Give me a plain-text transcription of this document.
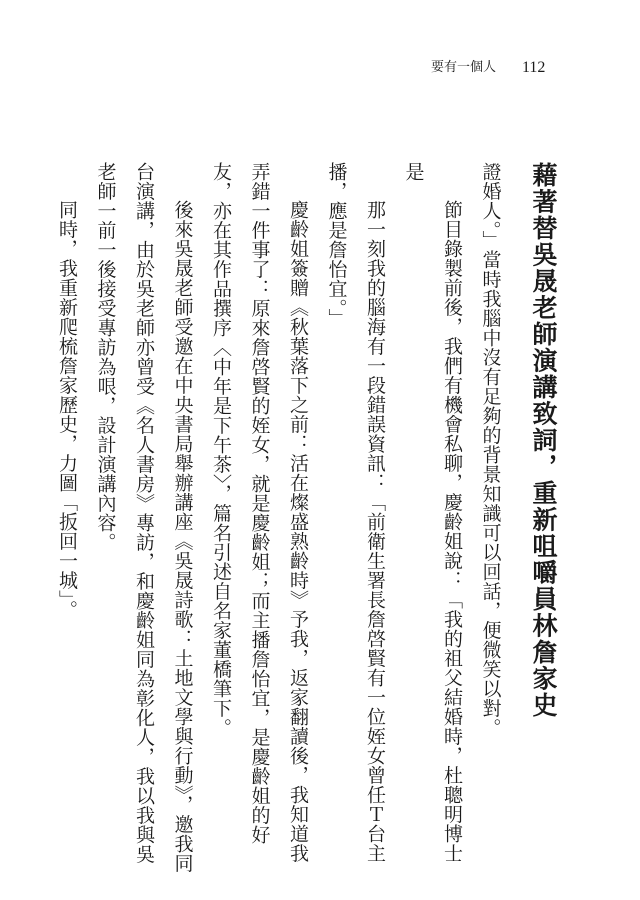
要有一個人 112
藉著替吳晟老師演講致詞，重新咀嚼員林詹家史

證婚人。」當時我腦中沒有足夠的背景知識可以回話，便微笑以對。

節目錄製前後，我們有機會私聊，慶齡姐說：「我的祖父結婚時，杜聰明博士是

那一刻我的腦海有一段錯誤資訊：「前衛生署長詹啓賢有一位姪女曾任Ｔ台主播，應是詹怡宜。」

慶齡姐簽贈《秋葉落下之前：活在燦盛熟齡時》予我，返家翻讀後，我知道我弄錯一件事了：原來詹啓賢的姪女，就是慶齡姐；而主播詹怡宜，是慶齡姐的好友，亦在其作品撰序〈中年是下午茶〉，篇名引述自名家董橋筆下。

後來吳晟老師受邀在中央書局舉辦講座《吳晟詩歌：土地文學與行動》，邀我同台演講，由於吳老師亦曾受《名人書房》專訪，和慶齡姐同為彰化人，我以我與吳老師一前一後接受專訪為哏，設計演講內容。

同時，我重新爬梳詹家歷史，力圖「扳回一城」。
